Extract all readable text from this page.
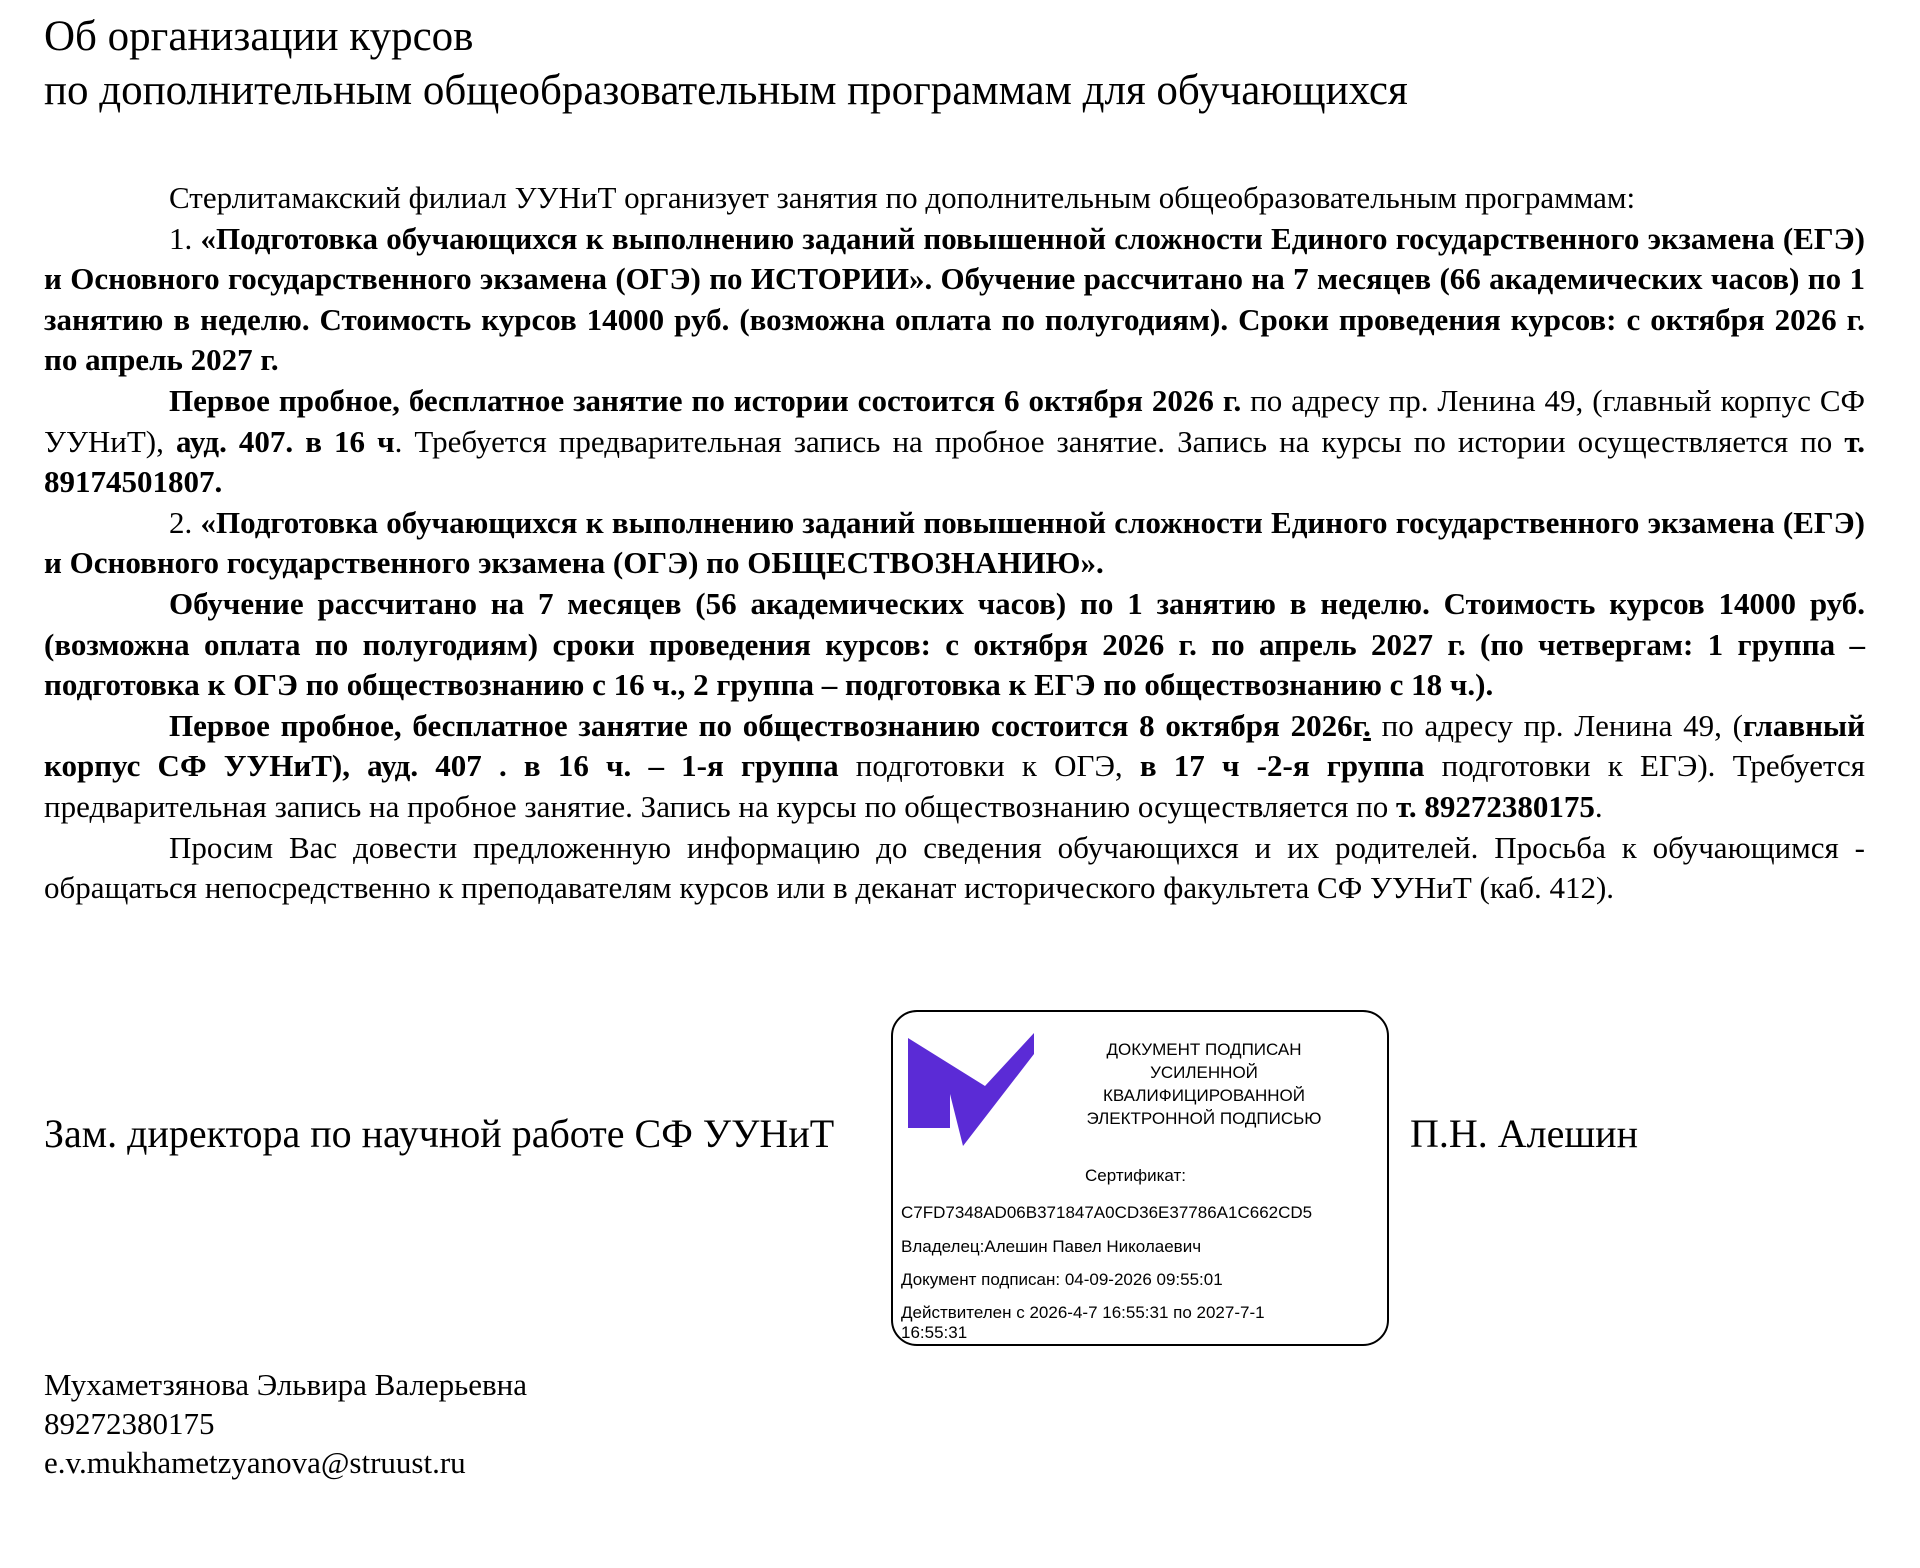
Об организации курсов
по дополнительным общеобразовательным программам для обучающихся

Стерлитамакский филиал УУНиТ организует занятия по дополнительным общеобразовательным программам:

1. «Подготовка обучающихся к выполнению заданий повышенной сложности Единого государственного экзамена (ЕГЭ) и Основного государственного экзамена (ОГЭ) по ИСТОРИИ». Обучение рассчитано на 7 месяцев (66 академических часов) по 1 занятию в неделю. Стоимость курсов 14000 руб. (возможна оплата по полугодиям). Сроки проведения курсов: с октября 2026 г. по апрель 2027 г.

Первое пробное, бесплатное занятие по истории состоится 6 октября 2026 г. по адресу пр. Ленина 49, (главный корпус СФ УУНиТ), ауд. 407. в 16 ч. Требуется предварительная запись на пробное занятие. Запись на курсы по истории осуществляется по т. 89174501807.

2. «Подготовка обучающихся к выполнению заданий повышенной сложности Единого государственного экзамена (ЕГЭ) и Основного государственного экзамена (ОГЭ) по ОБЩЕСТВОЗНАНИЮ».

Обучение рассчитано на 7 месяцев (56 академических часов) по 1 занятию в неделю. Стоимость курсов 14000 руб. (возможна оплата по полугодиям) сроки проведения курсов: с октября 2026 г. по апрель 2027 г. (по четвергам: 1 группа – подготовка к ОГЭ по обществознанию с 16 ч., 2 группа – подготовка к ЕГЭ по обществознанию с 18 ч.).

Первое пробное, бесплатное занятие по обществознанию состоится 8 октября 2026г. по адресу пр. Ленина 49, (главный корпус СФ УУНиТ), ауд. 407 . в 16 ч. – 1-я группа подготовки к ОГЭ, в 17 ч -2-я группа подготовки к ЕГЭ). Требуется предварительная запись на пробное занятие. Запись на курсы по обществознанию осуществляется по т. 89272380175.

Просим Вас довести предложенную информацию до сведения обучающихся и их родителей. Просьба к обучающимся - обращаться непосредственно к преподавателям курсов или в деканат исторического факультета СФ УУНиТ (каб. 412).

Зам. директора по научной работе СФ УУНиТ	П.Н. Алешин
ДОКУМЕНТ ПОДПИСАН УСИЛЕННОЙ КВАЛИФИЦИРОВАННОЙ ЭЛЕКТРОННОЙ ПОДПИСЬЮ
Сертификат:
C7FD7348AD06B371847A0CD36E37786A1C662CD5
Владелец:Алешин Павел Николаевич
Документ подписан: 04-09-2026 09:55:01
Действителен с 2026-4-7 16:55:31 по 2027-7-1
16:55:31
Мухаметзянова Эльвира Валерьевна
89272380175
e.v.mukhametzyanova@struust.ru
